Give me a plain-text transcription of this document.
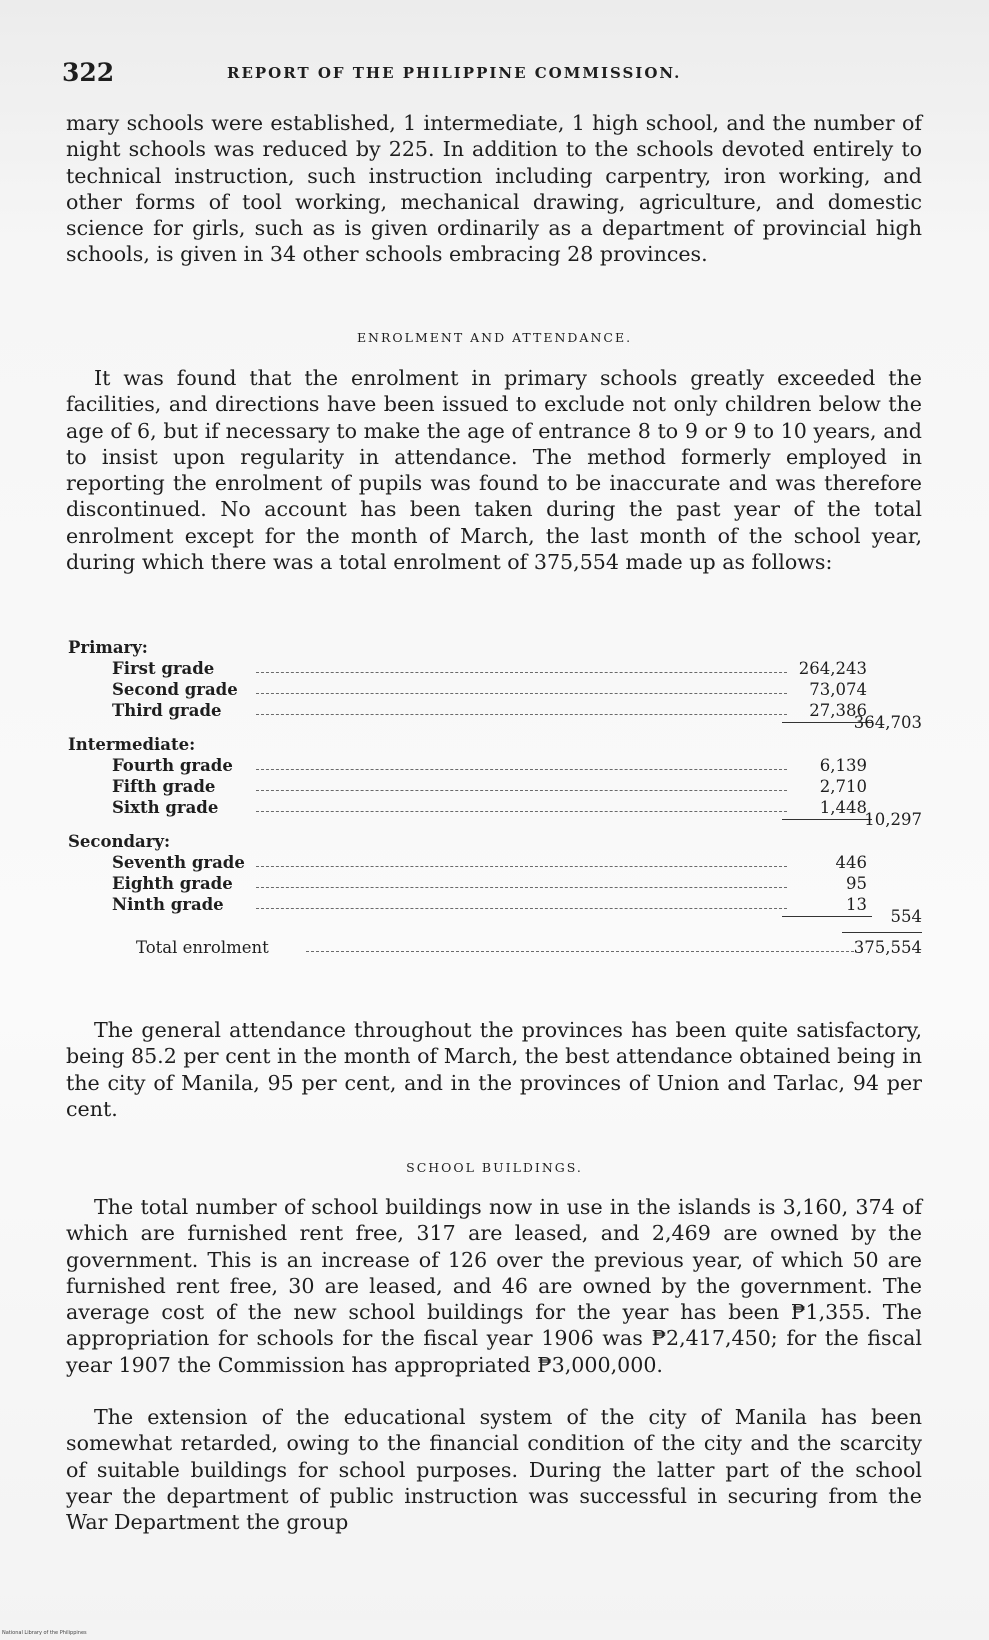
322	REPORT OF THE PHILIPPINE COMMISSION.

mary schools were established, 1 intermediate, 1 high school, and the number of night schools was reduced by 225. In addition to the schools devoted entirely to technical instruction, such instruction including carpentry, iron working, and other forms of tool working, mechanical drawing, agriculture, and domestic science for girls, such as is given ordinarily as a department of provincial high schools, is given in 34 other schools embracing 28 provinces.

ENROLMENT AND ATTENDANCE.

It was found that the enrolment in primary schools greatly exceeded the facilities, and directions have been issued to exclude not only children below the age of 6, but if necessary to make the age of entrance 8 to 9 or 9 to 10 years, and to insist upon regularity in attendance. The method formerly employed in reporting the enrolment of pupils was found to be inaccurate and was therefore discontinued. No account has been taken during the past year of the total enrolment except for the month of March, the last month of the school year, during which there was a total enrolment of 375,554 made up as follows:

Primary:
First grade	264,243
Second grade	73,074
Third grade	27,386
364,703
Intermediate:
Fourth grade	6,139
Fifth grade	2,710
Sixth grade	1,448
10,297
Secondary:
Seventh grade	446
Eighth grade	95
Ninth grade	13
554
Total enrolment	375,554

The general attendance throughout the provinces has been quite satisfactory, being 85.2 per cent in the month of March, the best attendance obtained being in the city of Manila, 95 per cent, and in the provinces of Union and Tarlac, 94 per cent.

SCHOOL BUILDINGS.

The total number of school buildings now in use in the islands is 3,160, 374 of which are furnished rent free, 317 are leased, and 2,469 are owned by the government. This is an increase of 126 over the previous year, of which 50 are furnished rent free, 30 are leased, and 46 are owned by the government. The average cost of the new school buildings for the year has been ₱1,355. The appropriation for schools for the fiscal year 1906 was ₱2,417,450; for the fiscal year 1907 the Commission has appropriated ₱3,000,000.

The extension of the educational system of the city of Manila has been somewhat retarded, owing to the financial condition of the city and the scarcity of suitable buildings for school purposes. During the latter part of the school year the department of public instruction was successful in securing from the War Department the group

National Library of the Philippines
